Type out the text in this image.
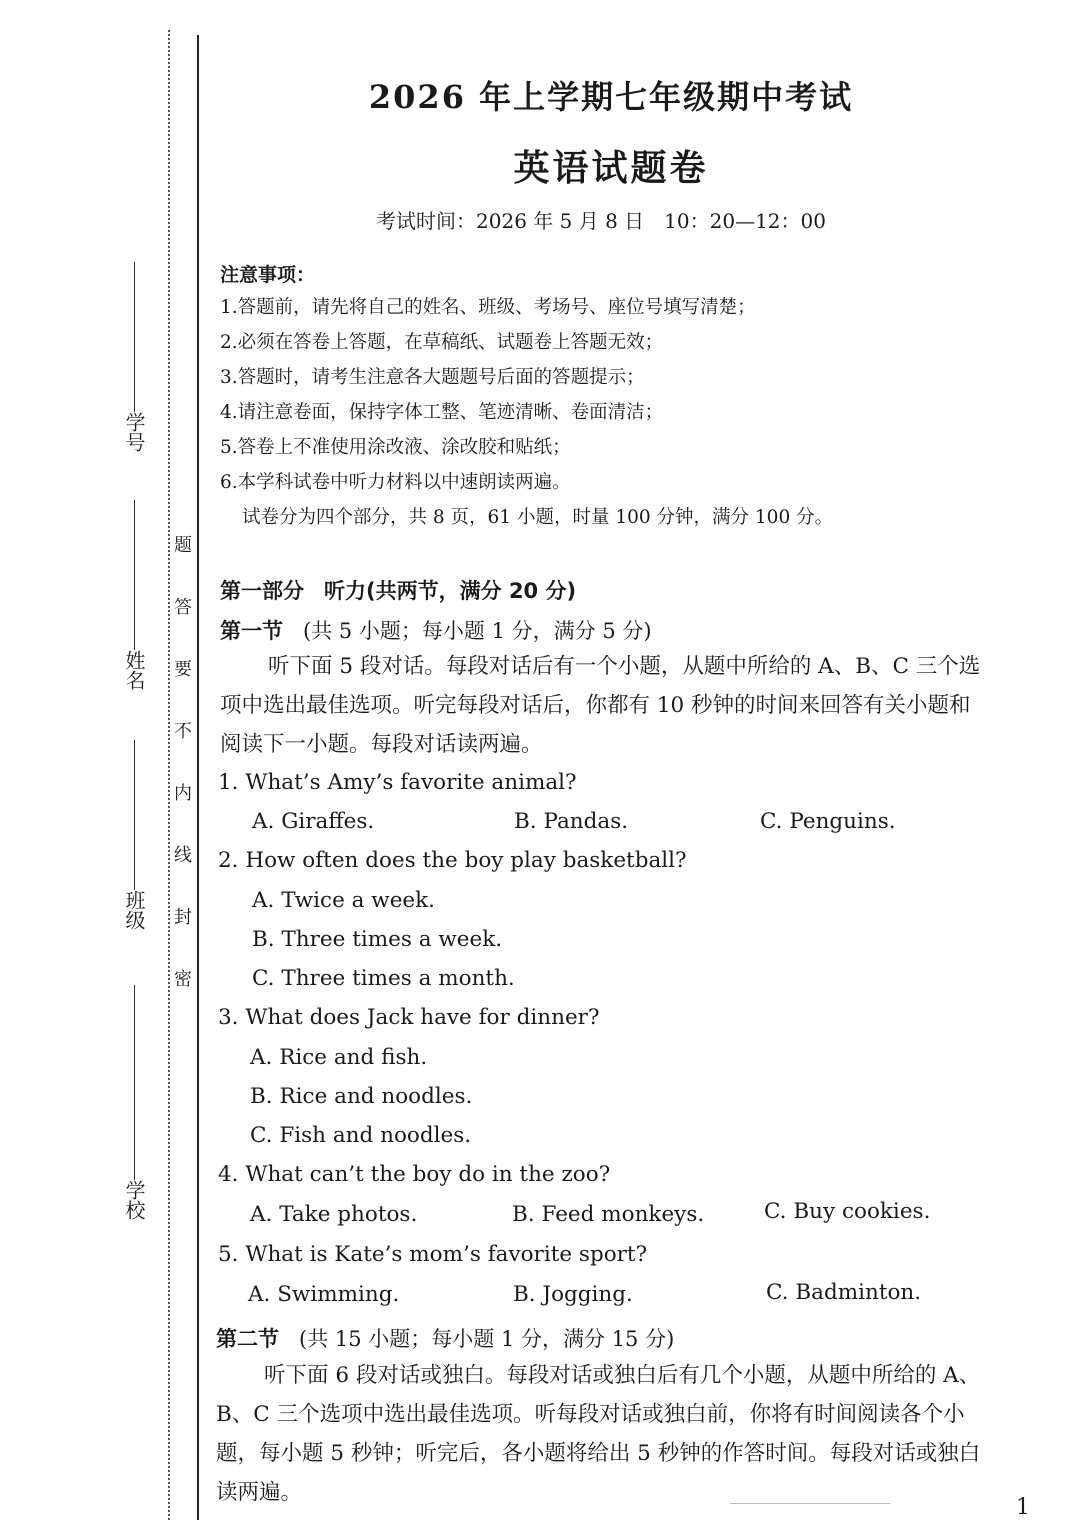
学号
姓名
班级
学校
题
答
要
不
内
线
封
密
2026 年上学期七年级期中考试
英语试题卷
考试时间：2026 年 5 月 8 日　10：20—12：00
注意事项：
1.答题前，请先将自己的姓名、班级、考场号、座位号填写清楚；
2.必须在答卷上答题，在草稿纸、试题卷上答题无效；
3.答题时，请考生注意各大题题号后面的答题提示；
4.请注意卷面，保持字体工整、笔迹清晰、卷面清洁；
5.答卷上不准使用涂改液、涂改胶和贴纸；
6.本学科试卷中听力材料以中速朗读两遍。
试卷分为四个部分，共 8 页，61 小题，时量 100 分钟，满分 100 分。
第一部分 听力(共两节，满分 20 分)
第一节 (共 5 小题；每小题 1 分，满分 5 分)
听下面 5 段对话。每段对话后有一个小题，从题中所给的 A、B、C 三个选项中选出最佳选项。听完每段对话后，你都有 10 秒钟的时间来回答有关小题和阅读下一小题。每段对话读两遍。
1. What’s Amy’s favorite animal?
A. Giraffes.	B. Pandas.	C. Penguins.
2. How often does the boy play basketball?
A. Twice a week.
B. Three times a week.
C. Three times a month.
3. What does Jack have for dinner?
A. Rice and fish.
B. Rice and noodles.
C. Fish and noodles.
4. What can’t the boy do in the zoo?
A. Take photos.	B. Feed monkeys.	C. Buy cookies.
5. What is Kate’s mom’s favorite sport?
A. Swimming.	B. Jogging.	C. Badminton.
第二节 (共 15 小题；每小题 1 分，满分 15 分)
听下面 6 段对话或独白。每段对话或独白后有几个小题，从题中所给的 A、B、C 三个选项中选出最佳选项。听每段对话或独白前，你将有时间阅读各个小题，每小题 5 秒钟；听完后，各小题将给出 5 秒钟的作答时间。每段对话或独白读两遍。
1
